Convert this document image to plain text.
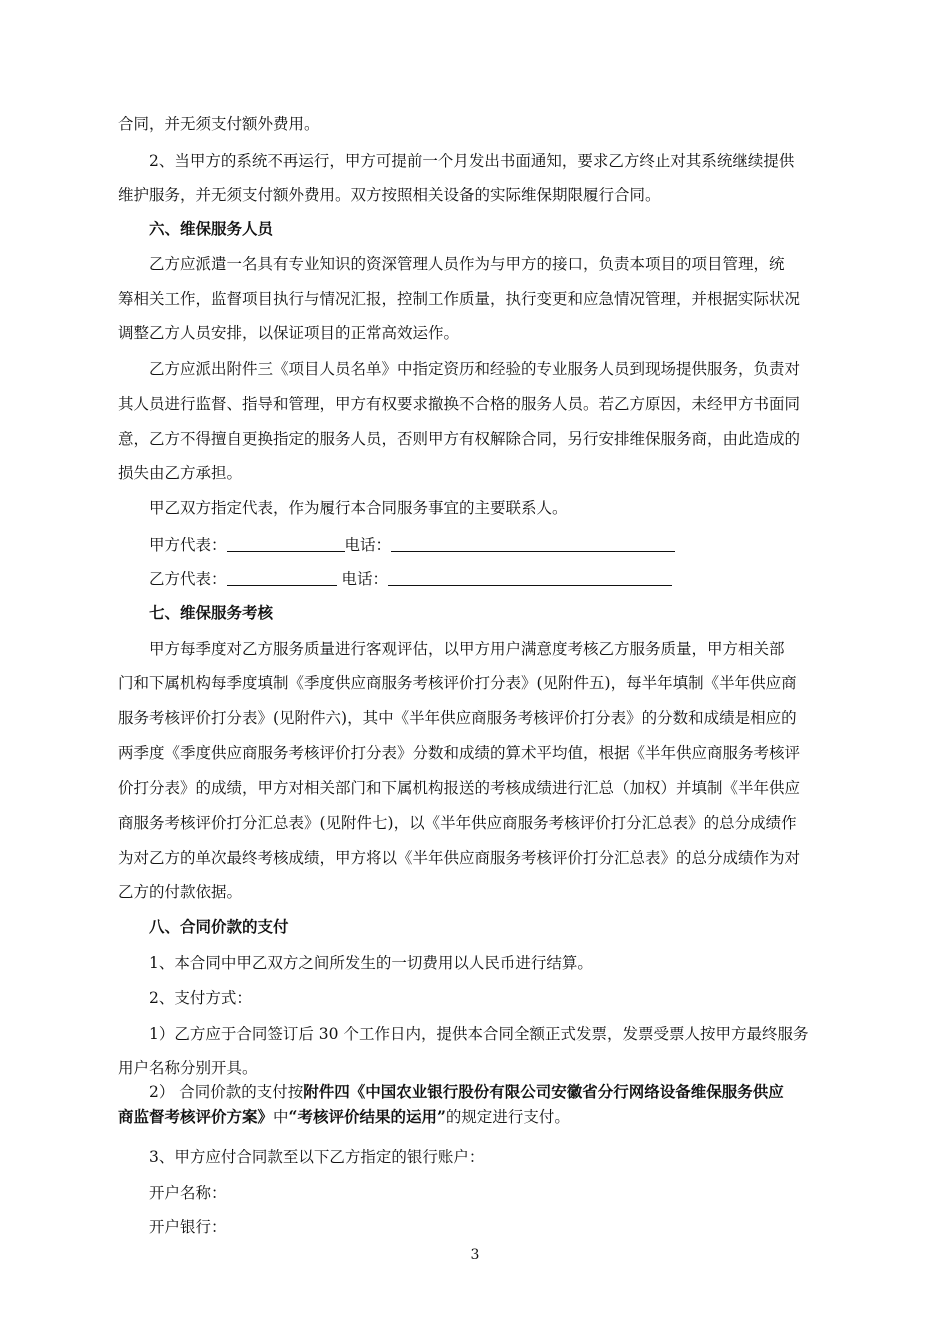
合同，并无须支付额外费用。
2、当甲方的系统不再运行，甲方可提前一个月发出书面通知，要求乙方终止对其系统继续提供
维护服务，并无须支付额外费用。双方按照相关设备的实际维保期限履行合同。
六、维保服务人员
乙方应派遣一名具有专业知识的资深管理人员作为与甲方的接口，负责本项目的项目管理，统
筹相关工作，监督项目执行与情况汇报，控制工作质量，执行变更和应急情况管理，并根据实际状况
调整乙方人员安排，以保证项目的正常高效运作。
乙方应派出附件三《项目人员名单》中指定资历和经验的专业服务人员到现场提供服务，负责对
其人员进行监督、指导和管理，甲方有权要求撤换不合格的服务人员。若乙方原因，未经甲方书面同
意，乙方不得擅自更换指定的服务人员，否则甲方有权解除合同，另行安排维保服务商，由此造成的
损失由乙方承担。
甲乙双方指定代表，作为履行本合同服务事宜的主要联系人。
甲方代表：	电话：
乙方代表：	电话：
七、维保服务考核
甲方每季度对乙方服务质量进行客观评估，以甲方用户满意度考核乙方服务质量，甲方相关部
门和下属机构每季度填制《季度供应商服务考核评价打分表》(见附件五)，每半年填制《半年供应商
服务考核评价打分表》(见附件六)，其中《半年供应商服务考核评价打分表》的分数和成绩是相应的
两季度《季度供应商服务考核评价打分表》分数和成绩的算术平均值，根据《半年供应商服务考核评
价打分表》的成绩，甲方对相关部门和下属机构报送的考核成绩进行汇总（加权）并填制《半年供应
商服务考核评价打分汇总表》(见附件七)，以《半年供应商服务考核评价打分汇总表》的总分成绩作
为对乙方的单次最终考核成绩，甲方将以《半年供应商服务考核评价打分汇总表》的总分成绩作为对
乙方的付款依据。
八、合同价款的支付
1、本合同中甲乙双方之间所发生的一切费用以人民币进行结算。
2、支付方式：
1）乙方应于合同签订后 30 个工作日内，提供本合同全额正式发票，发票受票人按甲方最终服务
用户名称分别开具。
2） 合同价款的支付按附件四《中国农业银行股份有限公司安徽省分行网络设备维保服务供应
商监督考核评价方案》中“考核评价结果的运用”的规定进行支付。
3、甲方应付合同款至以下乙方指定的银行账户：
开户名称：
开户银行：
3
